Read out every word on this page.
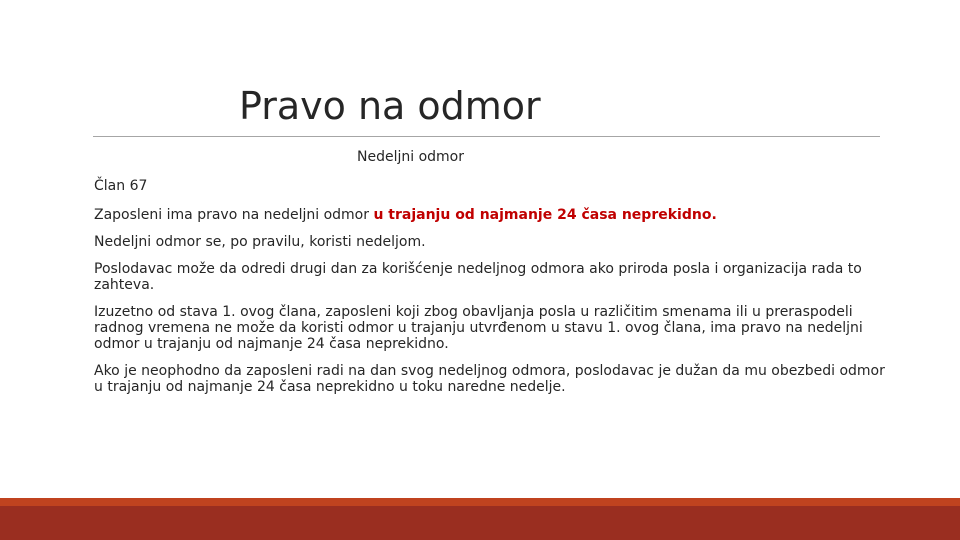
Pravo na odmor
Nedeljni odmor

Član 67

Zaposleni ima pravo na nedeljni odmor u trajanju od najmanje 24 časa neprekidno.

Nedeljni odmor se, po pravilu, koristi nedeljom.

Poslodavac može da odredi drugi dan za korišćenje nedeljnog odmora ako priroda posla i organizacija rada to zahteva.

Izuzetno od stava 1. ovog člana, zaposleni koji zbog obavljanja posla u različitim smenama ili u preraspodeli radnog vremena ne može da koristi odmor u trajanju utvrđenom u stavu 1. ovog člana, ima pravo na nedeljni odmor u trajanju od najmanje 24 časa neprekidno.

Ako je neophodno da zaposleni radi na dan svog nedeljnog odmora, poslodavac je dužan da mu obezbedi odmor u trajanju od najmanje 24 časa neprekidno u toku naredne nedelje.
